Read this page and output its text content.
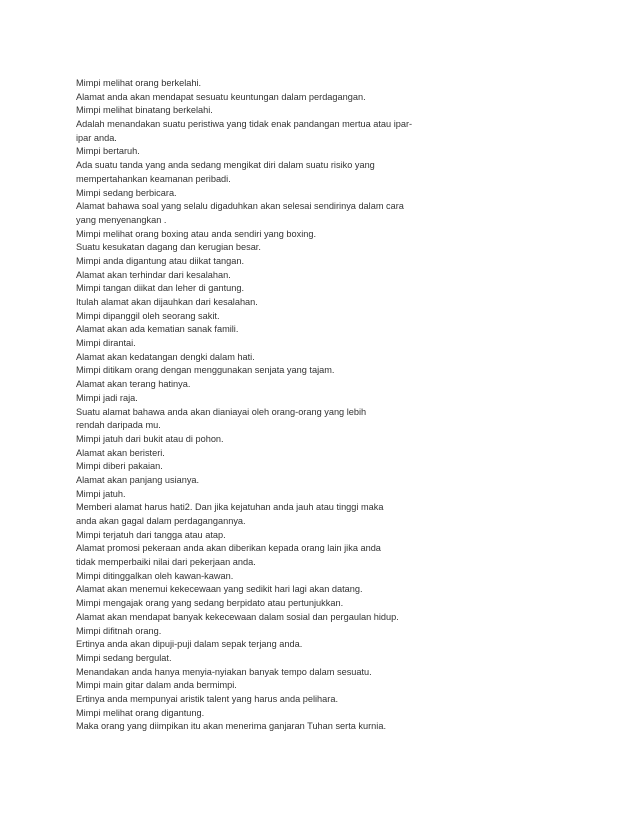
Mimpi melihat orang berkelahi.
Alamat anda akan mendapat sesuatu keuntungan dalam perdagangan.
Mimpi melihat binatang berkelahi.
Adalah menandakan suatu peristiwa yang tidak enak pandangan mertua atau ipar-
ipar anda.
Mimpi bertaruh.
Ada suatu tanda yang anda sedang mengikat diri dalam suatu risiko yang
mempertahankan keamanan peribadi.
Mimpi sedang berbicara.
Alamat bahawa soal yang selalu digaduhkan akan selesai sendirinya dalam cara
yang menyenangkan .
Mimpi melihat orang boxing atau anda sendiri yang boxing.
Suatu kesukatan dagang dan kerugian besar.
Mimpi anda digantung atau diikat tangan.
Alamat akan terhindar dari kesalahan.
Mimpi tangan diikat dan leher di gantung.
Itulah alamat akan dijauhkan dari kesalahan.
Mimpi dipanggil oleh seorang sakit.
Alamat akan ada kematian sanak famili.
Mimpi dirantai.
Alamat akan kedatangan dengki dalam hati.
Mimpi ditikam orang dengan menggunakan senjata yang tajam.
Alamat akan terang hatinya.
Mimpi jadi raja.
Suatu alamat bahawa anda akan dianiayai oleh orang-orang yang lebih
rendah daripada mu.
Mimpi jatuh dari bukit atau di pohon.
Alamat akan beristeri.
Mimpi diberi pakaian.
Alamat akan panjang usianya.
Mimpi jatuh.
Memberi alamat harus hati2. Dan jika kejatuhan anda jauh atau tinggi maka
anda akan gagal dalam perdagangannya.
Mimpi terjatuh dari tangga atau atap.
Alamat promosi pekeraan anda akan diberikan kepada orang lain jika anda
tidak memperbaiki nilai dari pekerjaan anda.
Mimpi ditinggalkan oleh kawan-kawan.
Alamat akan menemui kekecewaan yang sedikit hari lagi akan datang.
Mimpi mengajak orang yang sedang berpidato atau pertunjukkan.
Alamat akan mendapat banyak kekecewaan dalam sosial dan pergaulan hidup.
Mimpi difitnah orang.
Ertinya anda akan dipuji-puji dalam sepak terjang anda.
Mimpi sedang bergulat.
Menandakan anda hanya menyia-nyiakan banyak tempo dalam sesuatu.
Mimpi main gitar dalam anda bermimpi.
Ertinya anda mempunyai aristik talent yang harus anda pelihara.
Mimpi melihat orang digantung.
Maka orang yang diimpikan itu akan menerima ganjaran Tuhan serta kurnia.
